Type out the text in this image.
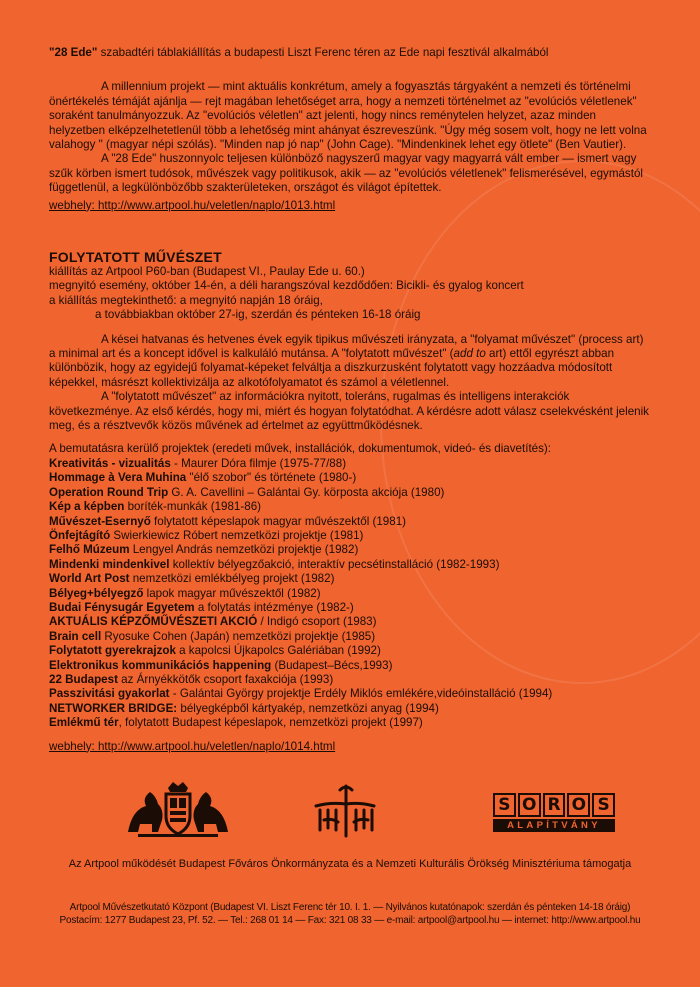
"28 Ede" szabadtéri táblakiállítás a budapesti Liszt Ferenc téren az Ede napi fesztivál alkalmából

A millennium projekt — mint aktuális konkrétum, amely a fogyasztás tárgyaként a nemzeti és történelmi önértékelés témáját ajánlja — rejt magában lehetőséget arra, hogy a nemzeti történelmet az "evolúciós véletlenek" soraként tanulmányozzuk. Az "evolúciós véletlen" azt jelenti, hogy nincs reménytelen helyzet, azaz minden helyzetben elképzelhetetlenül több a lehetőség mint ahányat észreveszünk. "Úgy még sosem volt, hogy ne lett volna valahogy " (magyar népi szólás). "Minden nap jó nap" (John Cage). "Mindenkinek lehet egy ötlete" (Ben Vautier).

A "28 Ede" huszonnyolc teljesen különböző nagyszerű magyar vagy magyarrá vált ember — ismert vagy szűk körben ismert tudósok, művészek vagy politikusok, akik — az "evolúciós véletlenek" felismerésével, egymástól függetlenül, a legkülönbözőbb szakterületeken, országot és világot építettek.

webhely: http://www.artpool.hu/veletlen/naplo/1013.html

FOLYTATOTT MŰVÉSZET

kiállítás az Artpool P60-ban (Budapest VI., Paulay Ede u. 60.)

megnyitó esemény, október 14-én, a déli harangszóval kezdődően: Bicikli- és gyalog koncert

a kiállítás megtekinthető: a megnyitó napján 18 óráig,

a továbbiakban október 27-ig, szerdán és pénteken 16-18 óráig

A kései hatvanas és hetvenes évek egyik tipikus művészeti irányzata, a "folyamat művészet" (process art) a minimal art és a koncept idővel is kalkuláló mutánsa. A "folytatott művészet" (add to art) ettől egyrészt abban különbözik, hogy az egyidejű folyamat-képeket felváltja a diszkurzusként folytatott vagy hozzáadva módosított képekkel, másrészt kollektivizálja az alkotófolyamatot és számol a véletlennel.

A "folytatott művészet" az információkra nyitott, toleráns, rugalmas és intelligens interakciók következménye. Az első kérdés, hogy mi, miért és hogyan folytatódhat. A kérdésre adott válasz cselekvésként jelenik meg, és a résztvevők közös művének ad értelmet az együttműködésnek.

A bemutatásra kerülő projektek (eredeti művek, installációk, dokumentumok, videó- és diavetítés):

Kreativitás - vizualitás - Maurer Dóra filmje (1975-77/88)

Hommage à Vera Muhina "élő szobor" és története (1980-)

Operation Round Trip G. A. Cavellini – Galántai Gy. körposta akciója (1980)

Kép a képben boríték-munkák (1981-86)

Művészet-Esernyő folytatott képeslapok magyar művészektől (1981)

Önfejtágító Swierkiewicz Róbert nemzetközi projektje (1981)

Felhő Múzeum Lengyel András nemzetközi projektje (1982)

Mindenki mindenkivel kollektív bélyegzőakció, interaktív pecsétinstalláció (1982-1993)

World Art Post nemzetközi emlékbélyeg projekt (1982)

Bélyeg+bélyegző lapok magyar művészektől (1982)

Budai Fénysugár Egyetem a folytatás intézménye (1982-)

AKTUÁLIS KÉPZŐMŰVÉSZETI AKCIÓ / Indigó csoport (1983)

Brain cell Ryosuke Cohen (Japán) nemzetközi projektje (1985)

Folytatott gyerekrajzok a kapolcsi Újkapolcs Galériában (1992)

Elektronikus kommunikációs happening (Budapest–Bécs,1993)

22 Budapest az Árnyékkötők csoport faxakciója (1993)

Passzivitási gyakorlat - Galántai György projektje Erdély Miklós emlékére,videóinstalláció (1994)

NETWORKER BRIDGE: bélyegképből kártyakép, nemzetközi anyag (1994)

Emlékmű tér, folytatott Budapest képeslapok, nemzetközi projekt (1997)

webhely: http://www.artpool.hu/veletlen/naplo/1014.html

S O R O S
ALAPÍTVÁNY

Az Artpool működését Budapest Főváros Önkormányzata és a Nemzeti Kulturális Örökség Minisztériuma támogatja

Artpool Művészetkutató Központ (Budapest VI. Liszt Ferenc tér 10. I. 1. — Nyilvános kutatónapok: szerdán és pénteken 14-18 óráig)

Postacím: 1277 Budapest 23, Pf. 52. — Tel.: 268 01 14 — Fax: 321 08 33 — e-mail: artpool@artpool.hu — internet: http://www.artpool.hu
